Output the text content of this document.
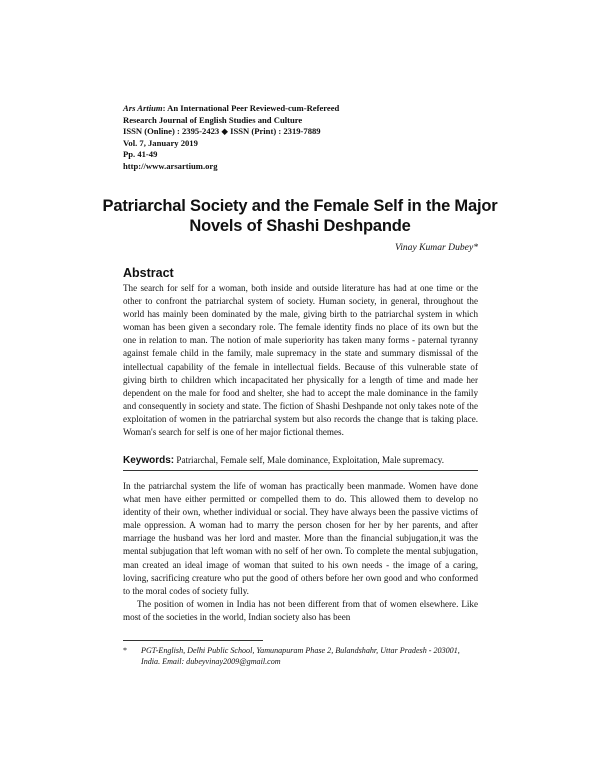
Ars Artium: An International Peer Reviewed-cum-Refereed
Research Journal of English Studies and Culture
ISSN (Online) : 2395-2423 ◆ ISSN (Print) : 2319-7889
Vol. 7, January 2019
Pp. 41-49
http://www.arsartium.org
Patriarchal Society and the Female Self in the Major Novels of Shashi Deshpande
Vinay Kumar Dubey*
Abstract
The search for self for a woman, both inside and outside literature has had at one time or the other to confront the patriarchal system of society. Human society, in general, throughout the world has mainly been dominated by the male, giving birth to the patriarchal system in which woman has been given a secondary role. The female identity finds no place of its own but the one in relation to man. The notion of male superiority has taken many forms - paternal tyranny against female child in the family, male supremacy in the state and summary dismissal of the intellectual capability of the female in intellectual fields. Because of this vulnerable state of giving birth to children which incapacitated her physically for a length of time and made her dependent on the male for food and shelter, she had to accept the male dominance in the family and consequently in society and state. The fiction of Shashi Deshpande not only takes note of the exploitation of women in the patriarchal system but also records the change that is taking place. Woman's search for self is one of her major fictional themes.
Keywords: Patriarchal, Female self, Male dominance, Exploitation, Male supremacy.

In the patriarchal system the life of woman has practically been manmade. Women have done what men have either permitted or compelled them to do. This allowed them to develop no identity of their own, whether individual or social. They have always been the passive victims of male oppression. A woman had to marry the person chosen for her by her parents, and after marriage the husband was her lord and master. More than the financial subjugation,it was the mental subjugation that left woman with no self of her own. To complete the mental subjugation, man created an ideal image of woman that suited to his own needs - the image of a caring, loving, sacrificing creature who put the good of others before her own good and who conformed to the moral codes of society fully.

The position of women in India has not been different from that of women elsewhere. Like most of the societies in the world, Indian society also has been

* PGT-English, Delhi Public School, Yamunapuram Phase 2, Bulandshahr, Uttar Pradesh - 203001, India. Email: dubeyvinay2009@gmail.com
